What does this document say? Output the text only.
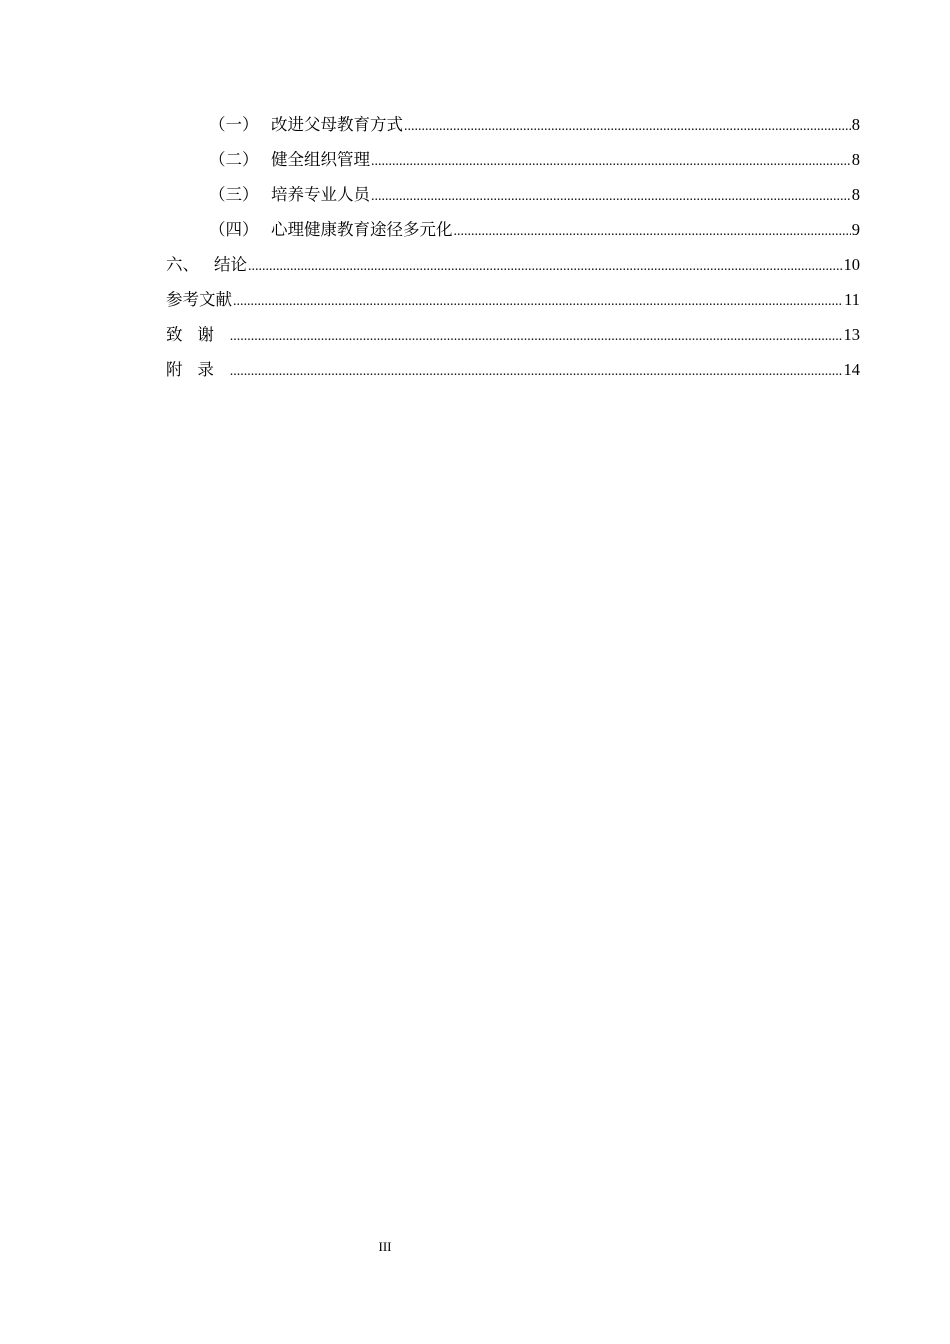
（一） 改进父母教育方式 .....	8
（二） 健全组织管理 .....	8
（三） 培养专业人员 .....	8
（四） 心理健康教育途径多元化 .....	9
六、 结论 .....	10
参考文献 .....	11
致谢 .....	13
附录 .....	14
III
